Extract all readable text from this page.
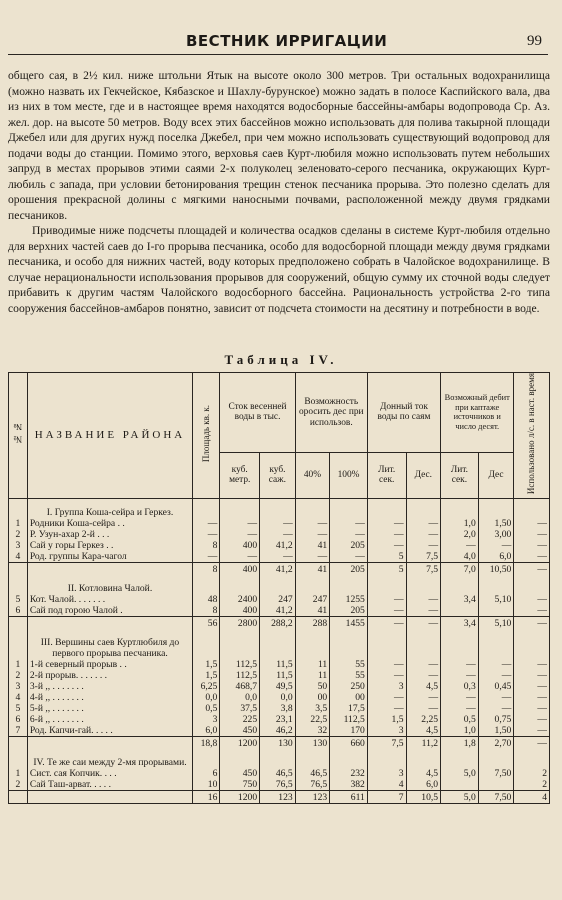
ВЕСТНИК ИРРИГАЦИИ	99

общего сая, в 2½ кил. ниже штольни Ятык на высоте около 300 метров. Три остальных водохранилища (можно назвать их Гекчейское, Кябазское и Шахлу-бурунское) можно задать в полосе Каспийского вала, два из них в том месте, где и в настоящее время находятся водосборные бассейны-амбары водопровода Ср. Аз. жел. дор. на высоте 50 метров. Воду всех этих бассейнов можно использовать для полива такырной площади Джебел или для других нужд поселка Джебел, при чем можно использовать существующий водопровод для подачи воды до станции. Помимо этого, верховья саев Курт-любиля можно использовать путем небольших запруд в местах прорывов этими саями 2-х полуколец зеленовато-серого песчаника, окружающих Курт-любиль с запада, при условии бетонирования трещин стенок песчаника прорыва. Это полезно сделать для орошения прекрасной долины с мягкими наносными почвами, расположенной между двумя грядками песчаников.

Приводимые ниже подсчеты площадей и количества осадков сделаны в системе Курт-любиля отдельно для верхних частей саев до I-го прорыва песчаника, особо для водосборной площади между двумя грядками песчаника, и особо для нижних частей, воду которых предположено собрать в Чалойское водохранилище. В случае нерациональности использования прорывов для сооружений, общую сумму их сточной воды следует прибавить к другим частям Чалойского водосборного бассейна. Рациональность устройства 2-го типа сооружения бассейнов-амбаров понятно, зависит от подсчета стоимости на десятину и потребности в воде.

Таблица IV.
№ №	НАЗВАНИЕ РАЙОНА	Площадь кв. к.	Сток весенней воды в тыс.		Возможность оросить дес при использов.		Донный ток воды по саям		Возможный дебит при каптaже источников и число десят.		Использовано л/с. в наст. время
			куб. метр.	куб. саж.	40%	100%	Лит. сек.	Дес.	Лит. сек.	Дес	
	I. Группа Коша-сейра и Геркез.										
1	Родники Коша-сейра . .	—	—	—	—	—	—	—	1,0	1,50	—
2	Р. Узун-ахар 2-й . . .	—	—	—	—	—	—	—	2,0	3,00	—
3	Сай у горы Геркез . .	8	400	41,2	41	205	—	—	—	—	—
4	Род. группы Кара-чагол	—	—	—	—	—	5	7,5	4,0	6,0	—
		8	400	41,2	41	205	5	7,5	7,0	10,50	—
	II. Котловина Чалой.										
5	Кот. Чалой. . . . . . .	48	2400	247	247	1255	—	—	3,4	5,10	—
6	Сай под горою Чалой .	8	400	41,2	41	205	—	—			—
		56	2800	288,2	288	1455	—	—	3,4	5,10	—
	III. Вершины саев Куртлюбиля до первого прорыва песчаника.										
1	1-й северный прорыв . .	1,5	112,5	11,5	11	55	—	—	—	—	—
2	2-й прорыв. . . . . . .	1,5	112,5	11,5	11	55	—	—	—	—	—
3	3-й ,, . . . . . . .	6,25	468,7	49,5	50	250	3	4,5	0,3	0,45	—
4	4-й ,, . . . . . . .	0,0	0,0	0,0	00	00	—	—	—	—	—
5	5-й ,, . . . . . . .	0,5	37,5	3,8	3,5	17,5	—	—	—	—	—
6	6-й ,, . . . . . . .	3	225	23,1	22,5	112,5	1,5	2,25	0,5	0,75	—
7	Род. Капчи-гай. . . . .	6,0	450	46,2	32	170	3	4,5	1,0	1,50	—
		18,8	1200	130	130	660	7,5	11,2	1,8	2,70	—
	IV. Те же саи между 2-мя прорывами.										
1	Сист. сая Копчик. . . .	6	450	46,5	46,5	232	3	4,5	5,0	7,50	2
2	Сай Таш-арват. . . . .	10	750	76,5	76,5	382	4	6,0			2
		16	1200	123	123	611	7	10,5	5,0	7,50	4
